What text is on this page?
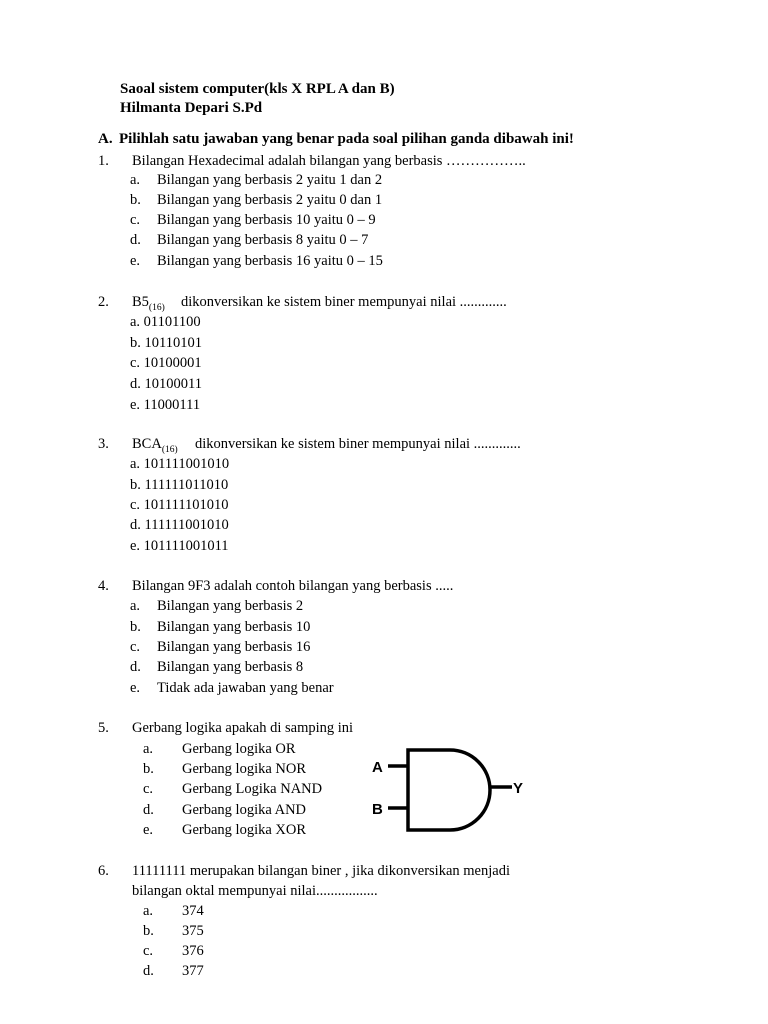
Saoal sistem computer(kls X RPL A dan B)
Hilmanta Depari S.Pd
A. Pilihlah satu jawaban yang benar pada soal pilihan ganda dibawah ini!
1. Bilangan Hexadecimal adalah bilangan yang berbasis ……………..
a. Bilangan yang berbasis 2 yaitu 1 dan 2
b. Bilangan yang berbasis 2 yaitu 0 dan 1
c. Bilangan yang berbasis 10 yaitu 0 – 9
d. Bilangan yang berbasis 8 yaitu 0 – 7
e. Bilangan yang berbasis 16 yaitu 0 – 15
2. $B5_{(16)}$ dikonversikan ke sistem biner mempunyai nilai .............
a. 01101100
b. 10110101
c. 10100001
d. 10100011
e. 11000111
3. $BCA_{(16)}$ dikonversikan ke sistem biner mempunyai nilai .............
a. 101111001010
b. 111111011010
c. 101111101010
d. 111111001010
e. 101111001011
4. Bilangan 9F3 adalah contoh bilangan yang berbasis .....
a. Bilangan yang berbasis 2
b. Bilangan yang berbasis 10
c. Bilangan yang berbasis 16
d. Bilangan yang berbasis 8
e. Tidak ada jawaban yang benar
5. Gerbang logika apakah di samping ini
a. Gerbang logika OR
b. Gerbang logika NOR
c. Gerbang Logika NAND
d. Gerbang logika AND
e. Gerbang logika XOR
A
B
Y
6. 11111111 merupakan bilangan biner , jika dikonversikan menjadi
bilangan oktal mempunyai nilai.................
a. 374
b. 375
c. 376
d. 377
